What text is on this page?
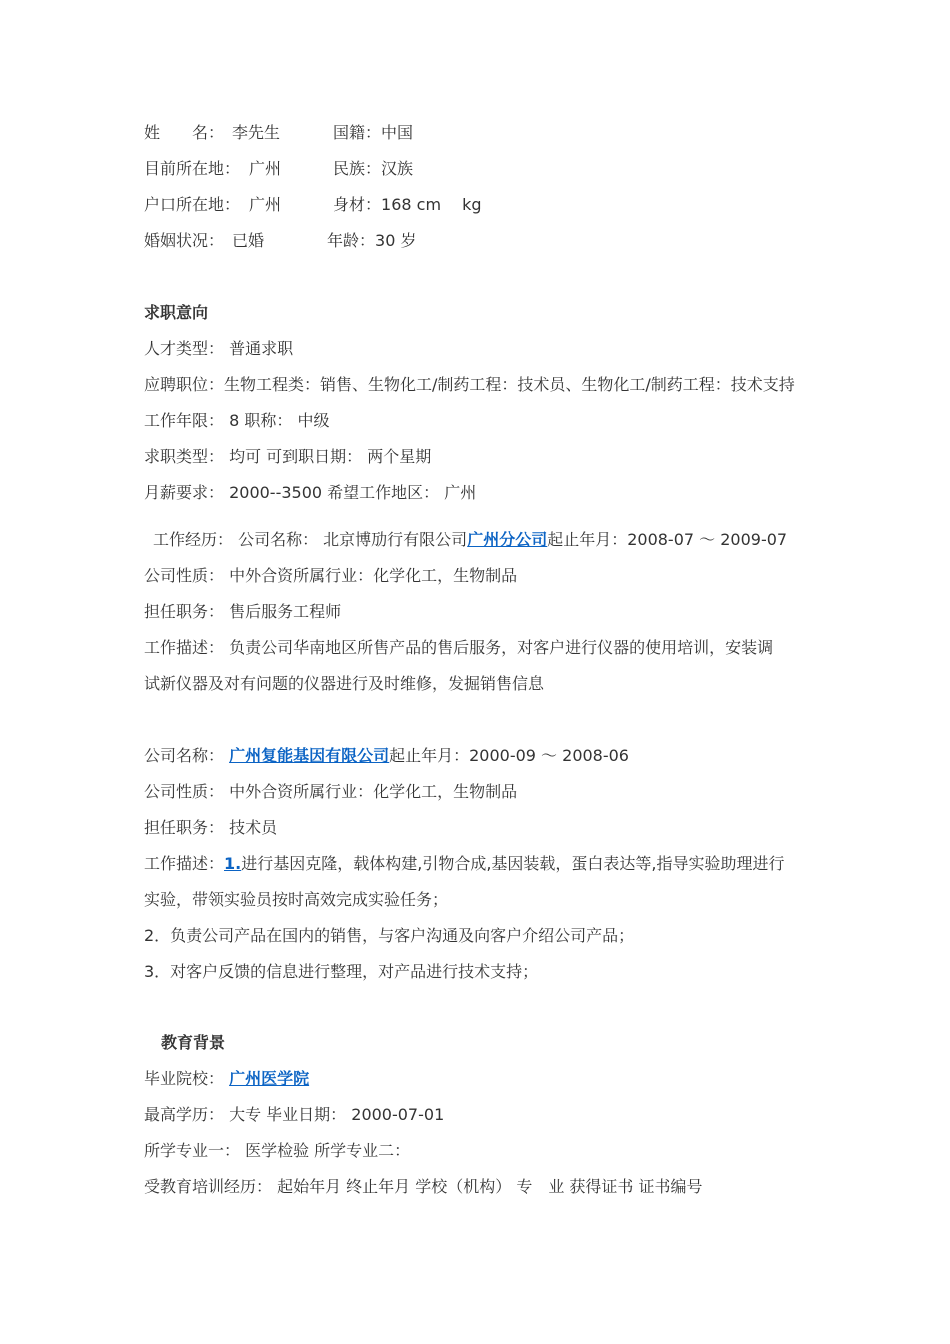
姓　　名： 李先生	国籍：中国
目前所在地： 广州	民族：汉族
户口所在地： 广州	身材：168 cm　 kg
婚姻状况： 已婚	年龄：30 岁
求职意向
人才类型： 普通求职
应聘职位：生物工程类：销售、生物化工/制药工程：技术员、生物化工/制药工程：技术支持
工作年限： 8 职称： 中级
求职类型： 均可 可到职日期： 两个星期
月薪要求： 2000--3500 希望工作地区： 广州
工作经历： 公司名称： 北京博劢行有限公司广州分公司起止年月：2008-07 ～ 2009-07
公司性质： 中外合资所属行业：化学化工，生物制品
担任职务： 售后服务工程师
工作描述： 负责公司华南地区所售产品的售后服务，对客户进行仪器的使用培训，安装调
试新仪器及对有问题的仪器进行及时维修，发掘销售信息
公司名称： 广州复能基因有限公司起止年月：2000-09 ～ 2008-06
公司性质： 中外合资所属行业：化学化工，生物制品
担任职务： 技术员
工作描述：1.进行基因克隆，载体构建,引物合成,基因装载，蛋白表达等,指导实验助理进行
实验，带领实验员按时高效完成实验任务；
2．负责公司产品在国内的销售，与客户沟通及向客户介绍公司产品；
3．对客户反馈的信息进行整理，对产品进行技术支持；
教育背景
毕业院校： 广州医学院
最高学历： 大专 毕业日期： 2000-07-01
所学专业一： 医学检验 所学专业二：
受教育培训经历： 起始年月 终止年月 学校（机构） 专　业 获得证书 证书编号
